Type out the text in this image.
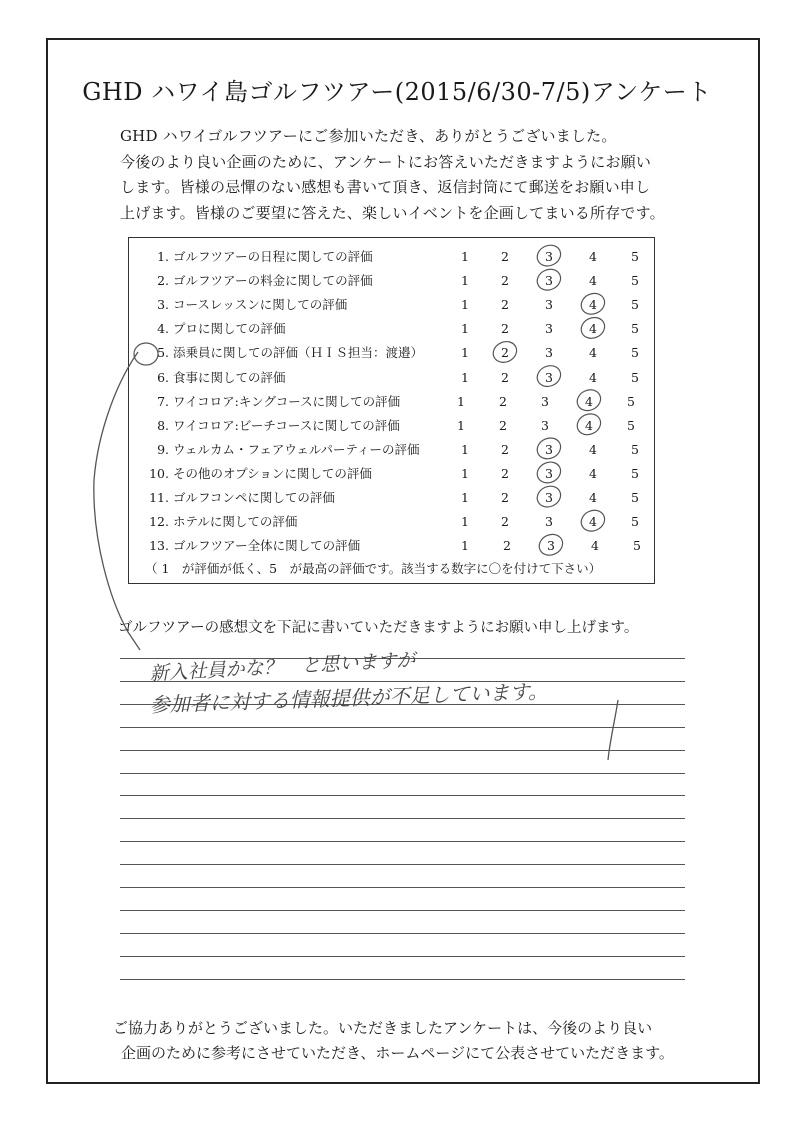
GHD ハワイ島ゴルフツアー(2015/6/30-7/5)アンケート
GHD ハワイゴルフツアーにご参加いただき、ありがとうございました。
今後のより良い企画のために、アンケートにお答えいただきますようにお願い
します。皆様の忌憚のない感想も書いて頂き、返信封筒にて郵送をお願い申し
上げます。皆様のご要望に答えた、楽しいイベントを企画してまいる所存です。
（ 1　が評価が低く、5　が最高の評価です。該当する数字に〇を付けて下さい）
1. ゴルフツアーの日程に関しての評価	1	2	3	4	5
2. ゴルフツアーの料金に関しての評価	1	2	3	4	5
3. コースレッスンに関しての評価	1	2	3	4	5
4. プロに関しての評価	1	2	3	4	5
5. 添乗員に関しての評価（ＨＩＳ担当：渡邉）	1	2	3	4	5
6. 食事に関しての評価	1	2	3	4	5
7. ワイコロア:キングコースに関しての評価	1	2	3	4	5
8. ワイコロア:ビーチコースに関しての評価	1	2	3	4	5
9. ウェルカム・フェアウェルパーティーの評価	1	2	3	4	5
10. その他のオプションに関しての評価	1	2	3	4	5
11. ゴルフコンペに関しての評価	1	2	3	4	5
12. ホテルに関しての評価	1	2	3	4	5
13. ゴルフツアー全体に関しての評価	1	2	3	4	5
ゴルフツアーの感想文を下記に書いていただきますようにお願い申し上げます。
新入社員かな？　と思いますが
参加者に対する情報提供が不足しています。
ご協力ありがとうございました。いただきましたアンケートは、今後のより良い
企画のために参考にさせていただき、ホームページにて公表させていただきます。
